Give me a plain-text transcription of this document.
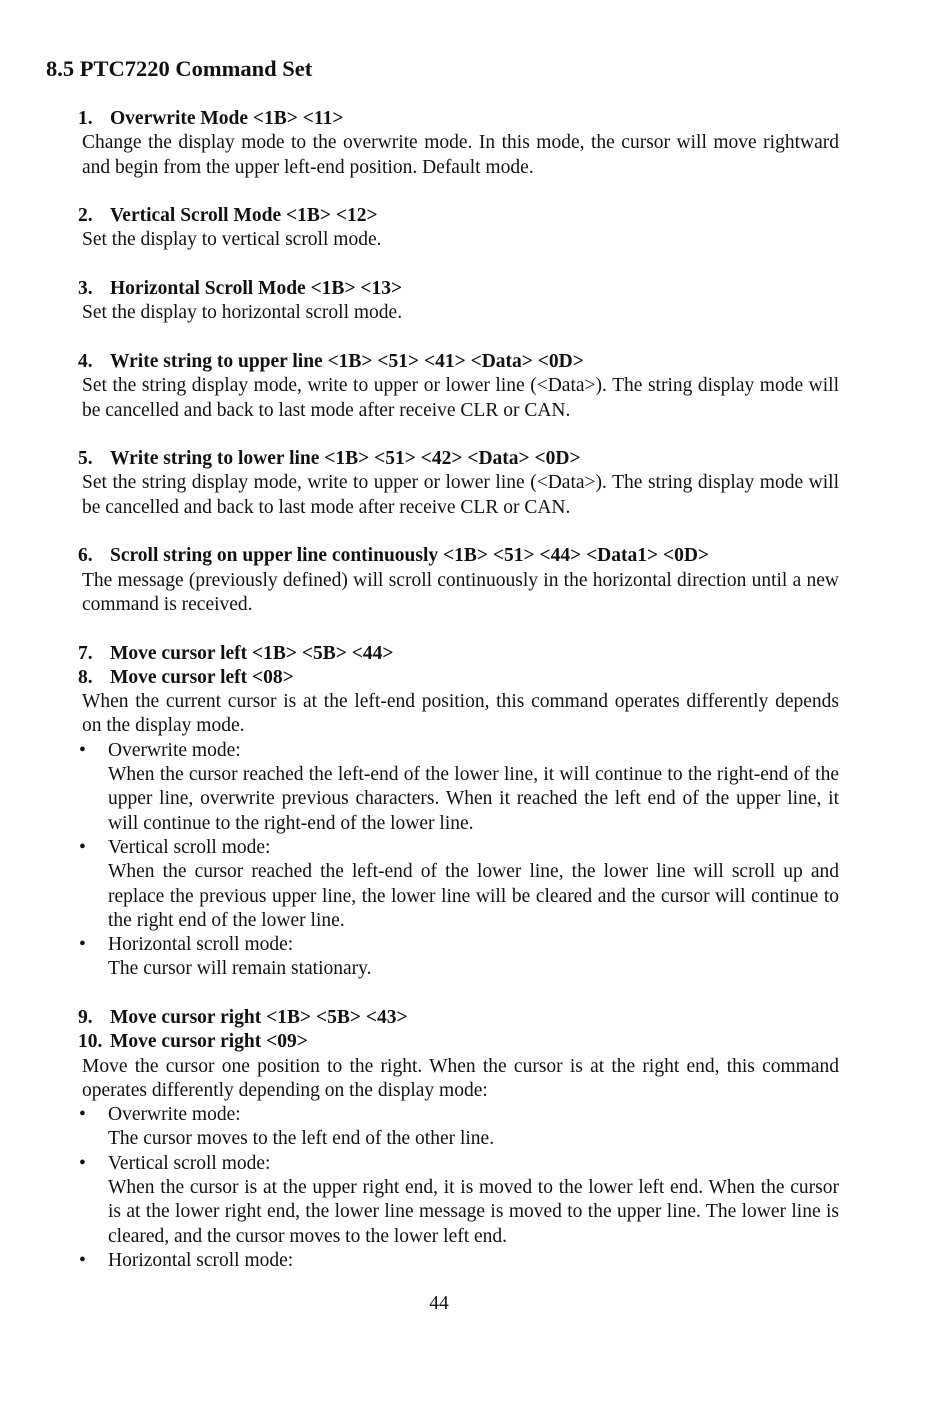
8.5 PTC7220 Command Set
1. Overwrite Mode <1B> <11>

Change the display mode to the overwrite mode. In this mode, the cursor will move rightward and begin from the upper left-end position. Default mode.

2. Vertical Scroll Mode <1B> <12>

Set the display to vertical scroll mode.

3. Horizontal Scroll Mode <1B> <13>

Set the display to horizontal scroll mode.

4. Write string to upper line <1B> <51> <41> <Data> <0D>

Set the string display mode, write to upper or lower line (<Data>). The string display mode will be cancelled and back to last mode after receive CLR or CAN.

5. Write string to lower line <1B> <51> <42> <Data> <0D>

Set the string display mode, write to upper or lower line (<Data>). The string display mode will be cancelled and back to last mode after receive CLR or CAN.

6. Scroll string on upper line continuously <1B> <51> <44> <Data1> <0D>

The message (previously defined) will scroll continuously in the horizontal direction until a new command is received.

7. Move cursor left <1B> <5B> <44>
8. Move cursor left <08>

When the current cursor is at the left-end position, this command operates differently depends on the display mode.

• Overwrite mode:

When the cursor reached the left-end of the lower line, it will continue to the right-end of the upper line, overwrite previous characters. When it reached the left end of the upper line, it will continue to the right-end of the lower line.

• Vertical scroll mode:

When the cursor reached the left-end of the lower line, the lower line will scroll up and replace the previous upper line, the lower line will be cleared and the cursor will continue to the right end of the lower line.

• Horizontal scroll mode:

The cursor will remain stationary.

9. Move cursor right <1B> <5B> <43>
10. Move cursor right <09>

Move the cursor one position to the right. When the cursor is at the right end, this command operates differently depending on the display mode:

• Overwrite mode:

The cursor moves to the left end of the other line.

• Vertical scroll mode:

When the cursor is at the upper right end, it is moved to the lower left end. When the cursor is at the lower right end, the lower line message is moved to the upper line. The lower line is cleared, and the cursor moves to the lower left end.

• Horizontal scroll mode:

44
